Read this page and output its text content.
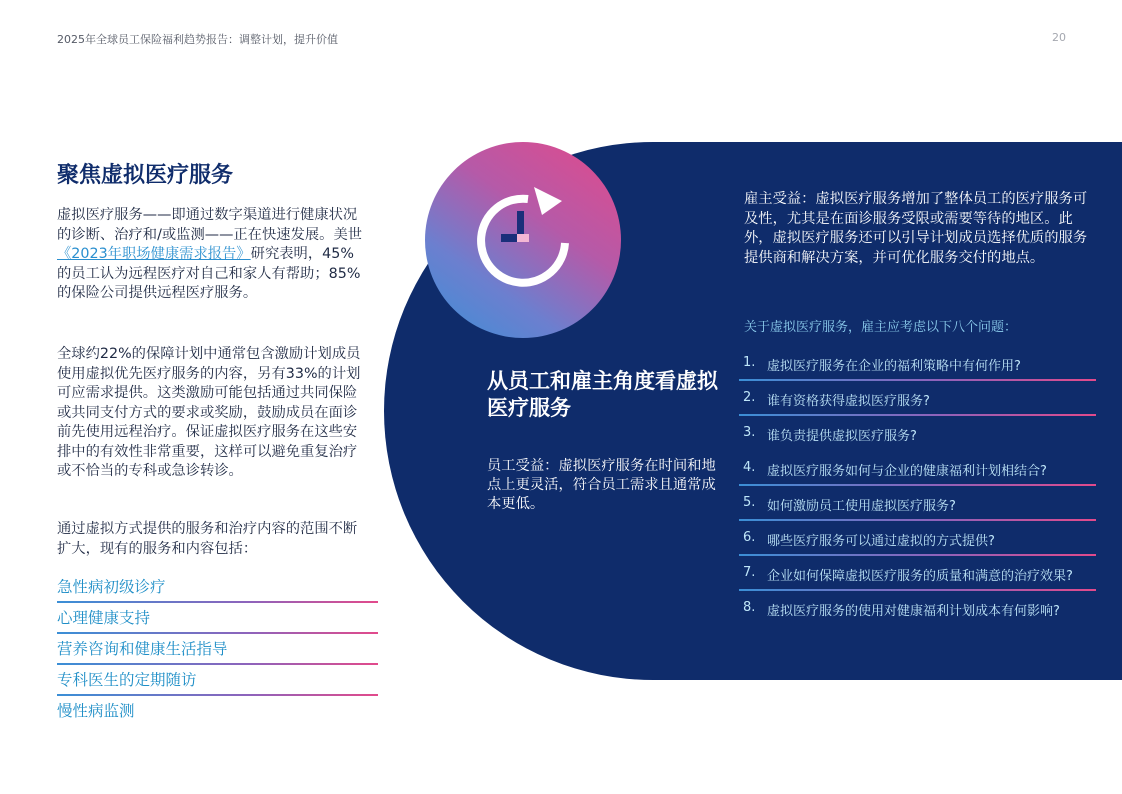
2025年全球员工保险福利趋势报告：调整计划，提升价值	20
聚焦虚拟医疗服务

虚拟医疗服务——即通过数字渠道进行健康状况的诊断、治疗和/或监测——正在快速发展。美世《2023年职场健康需求报告》研究表明，45%的员工认为远程医疗对自己和家人有帮助；85%的保险公司提供远程医疗服务。

全球约22%的保障计划中通常包含激励计划成员使用虚拟优先医疗服务的内容，另有33%的计划可应需求提供。这类激励可能包括通过共同保险或共同支付方式的要求或奖励，鼓励成员在面诊前先使用远程治疗。保证虚拟医疗服务在这些安排中的有效性非常重要，这样可以避免重复治疗或不恰当的专科或急诊转诊。

通过虚拟方式提供的服务和治疗内容的范围不断扩大，现有的服务和内容包括：

急性病初级诊疗
心理健康支持
营养咨询和健康生活指导
专科医生的定期随访
慢性病监测
从员工和雇主角度看虚拟医疗服务

员工受益：虚拟医疗服务在时间和地点上更灵活，符合员工需求且通常成本更低。

雇主受益：虚拟医疗服务增加了整体员工的医疗服务可及性，尤其是在面诊服务受限或需要等待的地区。此外，虚拟医疗服务还可以引导计划成员选择优质的服务提供商和解决方案，并可优化服务交付的地点。

关于虚拟医疗服务，雇主应考虑以下八个问题：

1. 虚拟医疗服务在企业的福利策略中有何作用?
2. 谁有资格获得虚拟医疗服务?
3. 谁负责提供虚拟医疗服务?
4. 虚拟医疗服务如何与企业的健康福利计划相结合?
5. 如何激励员工使用虚拟医疗服务?
6. 哪些医疗服务可以通过虚拟的方式提供?
7. 企业如何保障虚拟医疗服务的质量和满意的治疗效果?
8. 虚拟医疗服务的使用对健康福利计划成本有何影响?
